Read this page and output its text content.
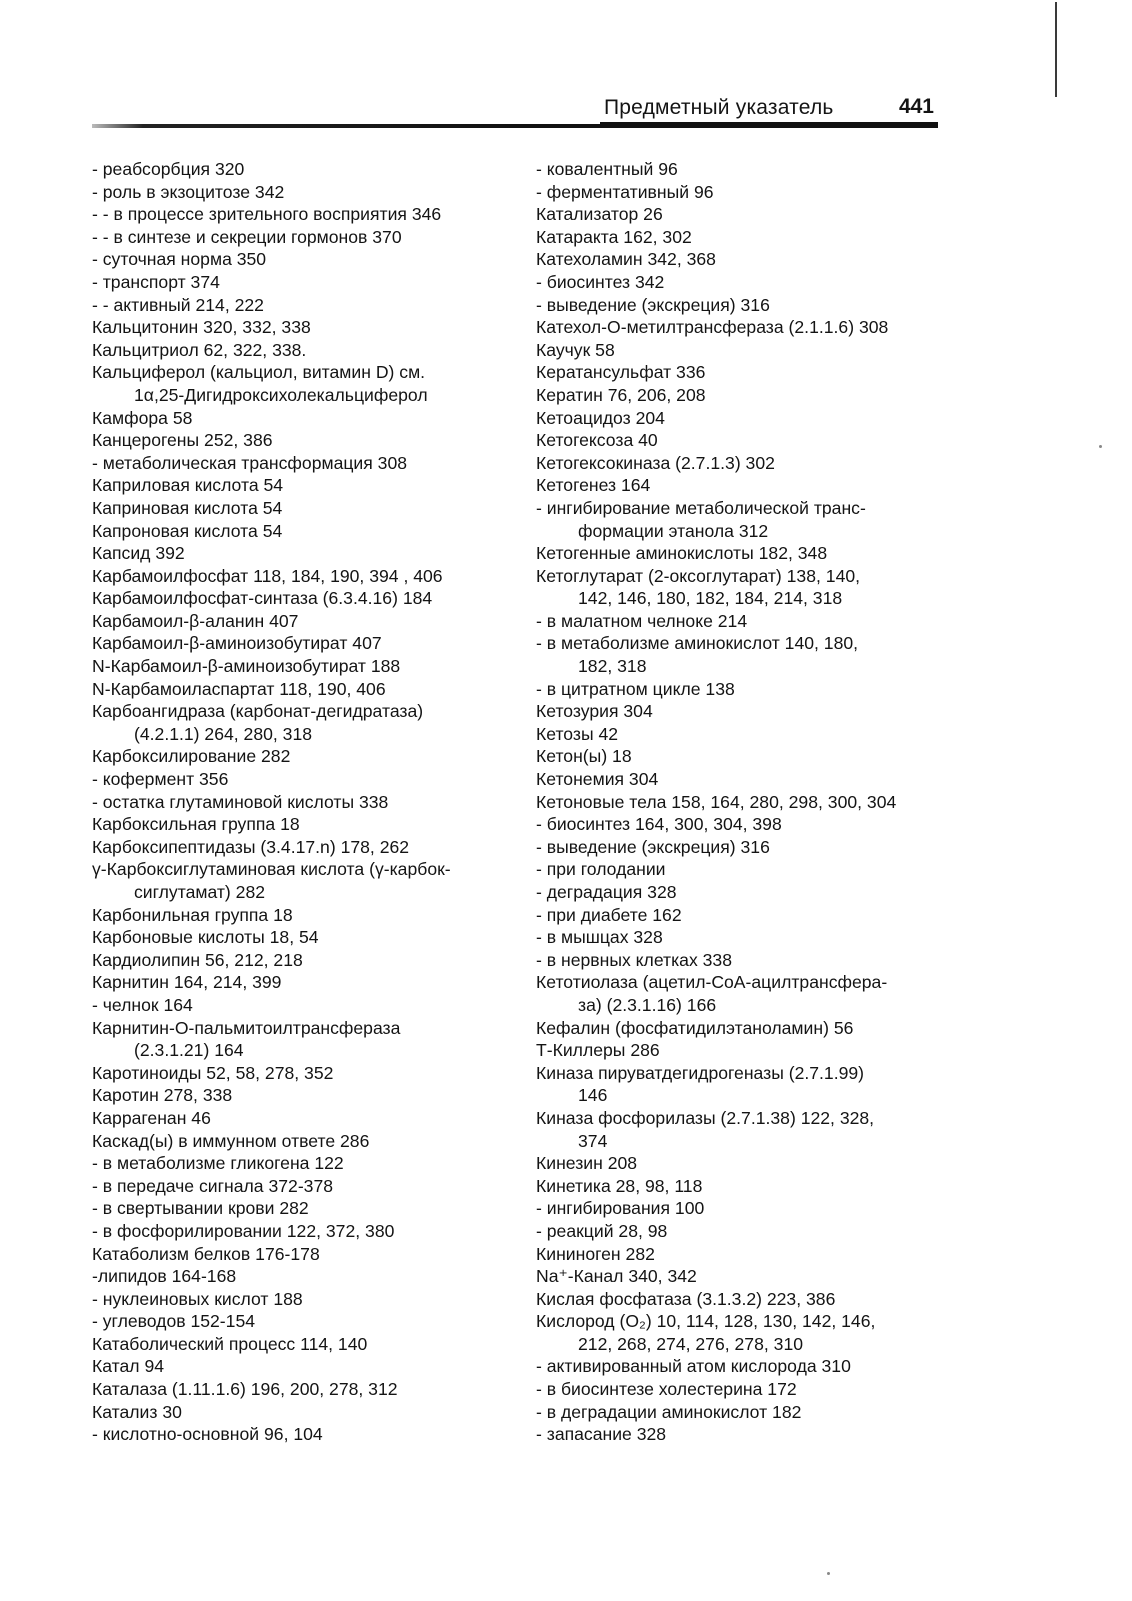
Предметный указатель	441
- реабсорбция 320
- роль в экзоцитозе 342
- - в процессе зрительного восприятия 346
- - в синтезе и секреции гормонов 370
- суточная норма 350
- транспорт 374
- - активный 214, 222
Кальцитонин 320, 332, 338
Кальцитриол 62, 322, 338.
Кальциферол (кальциол, витамин D) см.
1α,25-Дигидроксихолекальциферол
Камфора 58
Канцерогены 252, 386
- метаболическая трансформация 308
Каприловая кислота 54
Каприновая кислота 54
Капроновая кислота 54
Капсид 392
Карбамоилфосфат 118, 184, 190, 394 , 406
Карбамоилфосфат-синтаза (6.3.4.16) 184
Карбамоил-β-аланин 407
Карбамоил-β-аминоизобутират 407
N-Карбамоил-β-аминоизобутират 188
N-Карбамоиласпартат 118, 190, 406
Карбоангидраза (карбонат-дегидратаза)
(4.2.1.1) 264, 280, 318
Карбоксилирование 282
- кофермент 356
- остатка глутаминовой кислоты 338
Карбоксильная группа 18
Карбоксипептидазы (3.4.17.n) 178, 262
γ-Карбоксиглутаминовая кислота (γ-карбок-
сиглутамат) 282
Карбонильная группа 18
Карбоновые кислоты 18, 54
Кардиолипин 56, 212, 218
Карнитин 164, 214, 399
- челнок 164
Карнитин-О-пальмитоилтрансфераза
(2.3.1.21) 164
Каротиноиды 52, 58, 278, 352
Каротин 278, 338
Каррагенан 46
Каскад(ы) в иммунном ответе 286
- в метаболизме гликогена 122
- в передаче сигнала 372-378
- в свертывании крови 282
- в фосфорилировании 122, 372, 380
Катаболизм белков 176-178
-липидов 164-168
- нуклеиновых кислот 188
- углеводов 152-154
Катаболический процесс 114, 140
Катал 94
Каталаза (1.11.1.6) 196, 200, 278, 312
Катализ 30
- кислотно-основной 96, 104
- ковалентный 96
- ферментативный 96
Катализатор 26
Катаракта 162, 302
Катехоламин 342, 368
- биосинтез 342
- выведение (экскреция) 316
Катехол-О-метилтрансфераза (2.1.1.6) 308
Каучук 58
Кератансульфат 336
Кератин 76, 206, 208
Кетоацидоз 204
Кетогексоза 40
Кетогексокиназа (2.7.1.3) 302
Кетогенез 164
- ингибирование метаболической транс-
формации этанола 312
Кетогенные аминокислоты 182, 348
Кетоглутарат (2-оксоглутарат) 138, 140,
142, 146, 180, 182, 184, 214, 318
- в малатном челноке 214
- в метаболизме аминокислот 140, 180,
182, 318
- в цитратном цикле 138
Кетозурия 304
Кетозы 42
Кетон(ы) 18
Кетонемия 304
Кетоновые тела 158, 164, 280, 298, 300, 304
- биосинтез 164, 300, 304, 398
- выведение (экскреция) 316
- при голодании
- деградация 328
- при диабете 162
- в мышцах 328
- в нервных клетках 338
Кетотиолаза (ацетил-СоА-ацилтрансфера-
за) (2.3.1.16) 166
Кефалин (фосфатидилэтаноламин) 56
Т-Киллеры 286
Киназа пируватдегидрогеназы (2.7.1.99)
146
Киназа фосфорилазы (2.7.1.38) 122, 328,
374
Кинезин 208
Кинетика 28, 98, 118
- ингибирования 100
- реакций 28, 98
Кининоген 282
Na⁺-Канал 340, 342
Кислая фосфатаза (3.1.3.2) 223, 386
Кислород (O₂) 10, 114, 128, 130, 142, 146,
212, 268, 274, 276, 278, 310
- активированный атом кислорода 310
- в биосинтезе холестерина 172
- в деградации аминокислот 182
- запасание 328
